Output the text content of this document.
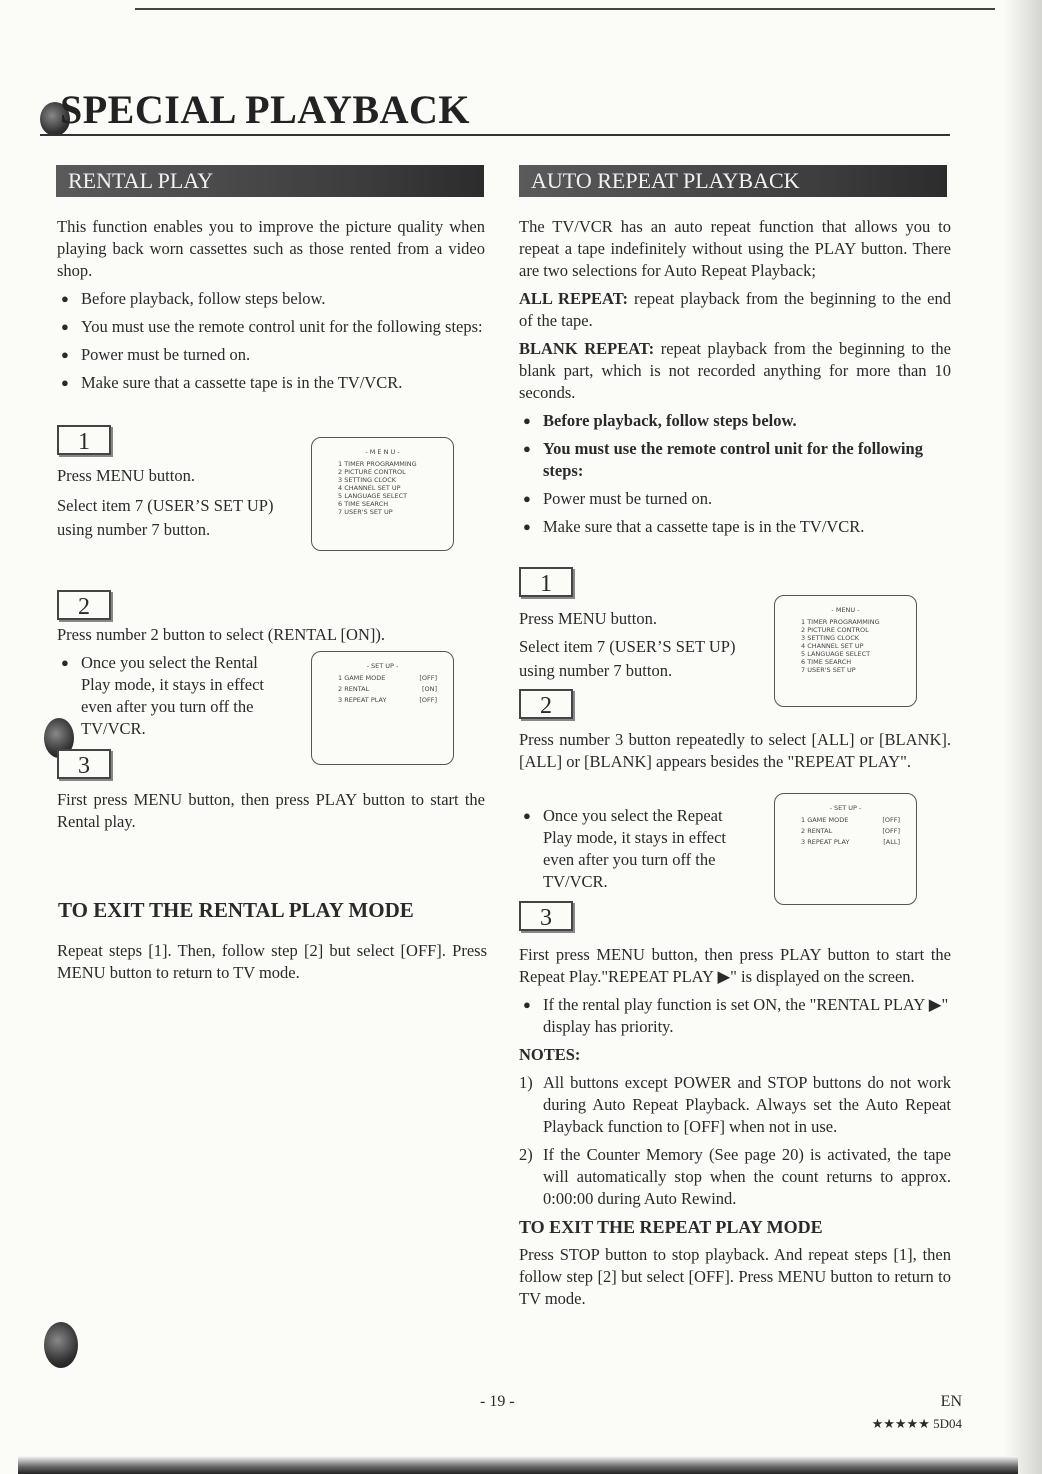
SPECIAL PLAYBACK
RENTAL PLAY

This function enables you to improve the picture quality when playing back worn cassettes such as those rented from a video shop.

● Before playback, follow steps below.
● You must use the remote control unit for the following steps:
● Power must be turned on.
● Make sure that a cassette tape is in the TV/VCR.
1
Press MENU button.
Select item 7 (USER’S SET UP) using number 7 button.
- M E N U -
1 TIMER PROGRAMMING
2 PICTURE CONTROL
3 SETTING CLOCK
4 CHANNEL SET UP
5 LANGUAGE SELECT
6 TIME SEARCH
7 USER'S SET UP
2
Press number 2 button to select (RENTAL [ON]).
● Once you select the Rental Play mode, it stays in effect even after you turn off the TV/VCR.
- SET UP -
1 GAME MODE	[OFF]
2 RENTAL	[ON]
3 REPEAT PLAY	[OFF]
3

First press MENU button, then press PLAY button to start the Rental play.

TO EXIT THE RENTAL PLAY MODE

Repeat steps [1]. Then, follow step [2] but select [OFF]. Press MENU button to return to TV mode.

AUTO REPEAT PLAYBACK

The TV/VCR has an auto repeat function that allows you to repeat a tape indefinitely without using the PLAY button. There are two selections for Auto Repeat Playback;

ALL REPEAT: repeat playback from the beginning to the end of the tape.

BLANK REPEAT: repeat playback from the beginning to the blank part, which is not recorded anything for more than 10 seconds.

● Before playback, follow steps below.
● You must use the remote control unit for the following steps:
● Power must be turned on.
● Make sure that a cassette tape is in the TV/VCR.
1
Press MENU button.
Select item 7 (USER’S SET UP) using number 7 button.
- MENU -
1 TIMER PROGRAMMING
2 PICTURE CONTROL
3 SETTING CLOCK
4 CHANNEL SET UP
5 LANGUAGE SELECT
6 TIME SEARCH
7 USER'S SET UP
2

Press number 3 button repeatedly to select [ALL] or [BLANK]. [ALL] or [BLANK] appears besides the "REPEAT PLAY".

● Once you select the Repeat Play mode, it stays in effect even after you turn off the TV/VCR.
- SET UP -
1 GAME MODE	[OFF]
2 RENTAL	[OFF]
3 REPEAT PLAY	[ALL]
3

First press MENU button, then press PLAY button to start the Repeat Play."REPEAT PLAY ▶" is displayed on the screen.

● If the rental play function is set ON, the "RENTAL PLAY ▶" display has priority.
NOTES:
1) All buttons except POWER and STOP buttons do not work during Auto Repeat Playback. Always set the Auto Repeat Playback function to [OFF] when not in use.
2) If the Counter Memory (See page 20) is activated, the tape will automatically stop when the count returns to approx. 0:00:00 during Auto Rewind.
TO EXIT THE REPEAT PLAY MODE

Press STOP button to stop playback. And repeat steps [1], then follow step [2] but select [OFF]. Press MENU button to return to TV mode.

- 19 -	EN
★★★★★ 5D04
